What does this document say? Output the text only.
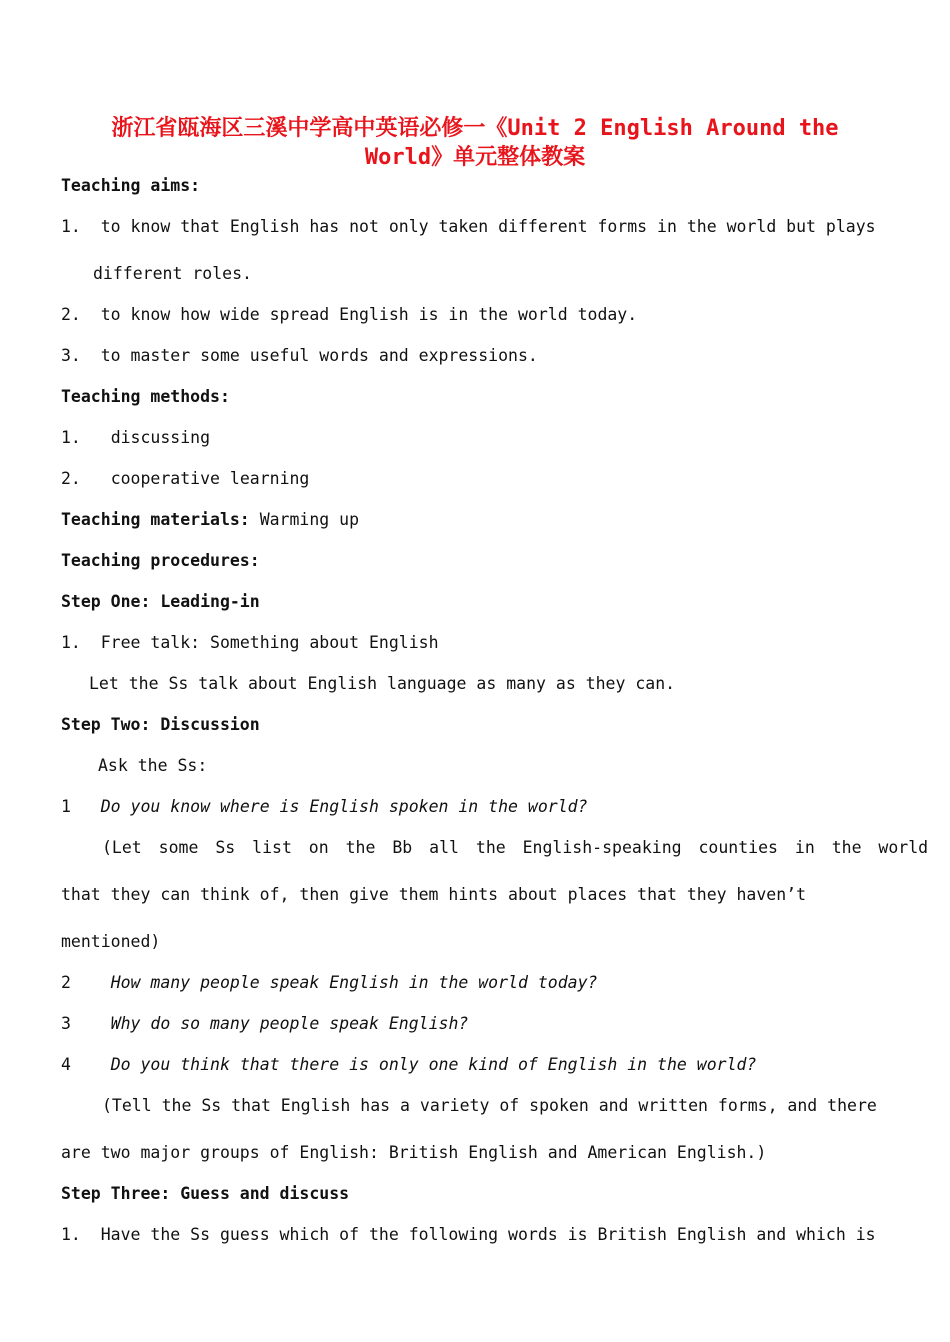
浙江省瓯海区三溪中学高中英语必修一《Unit 2 English Around the
World》单元整体教案
Teaching aims:
1. to know that English has not only taken different forms in the world but plays
different roles.
2. to know how wide spread English is in the world today.
3. to master some useful words and expressions.
Teaching methods:
1. discussing
2. cooperative learning
Teaching materials: Warming up
Teaching procedures:
Step One: Leading-in
1. Free talk: Something about English
Let the Ss talk about English language as many as they can.
Step Two: Discussion
Ask the Ss:
1 Do you know where is English spoken in the world?
(Let some Ss list on the Bb all the English-speaking counties in the world
that they can think of, then give them hints about places that they haven’t
mentioned)
2 How many people speak English in the world today?
3 Why do so many people speak English?
4 Do you think that there is only one kind of English in the world?
(Tell the Ss that English has a variety of spoken and written forms, and there
are two major groups of English: British English and American English.)
Step Three: Guess and discuss
1. Have the Ss guess which of the following words is British English and which is
